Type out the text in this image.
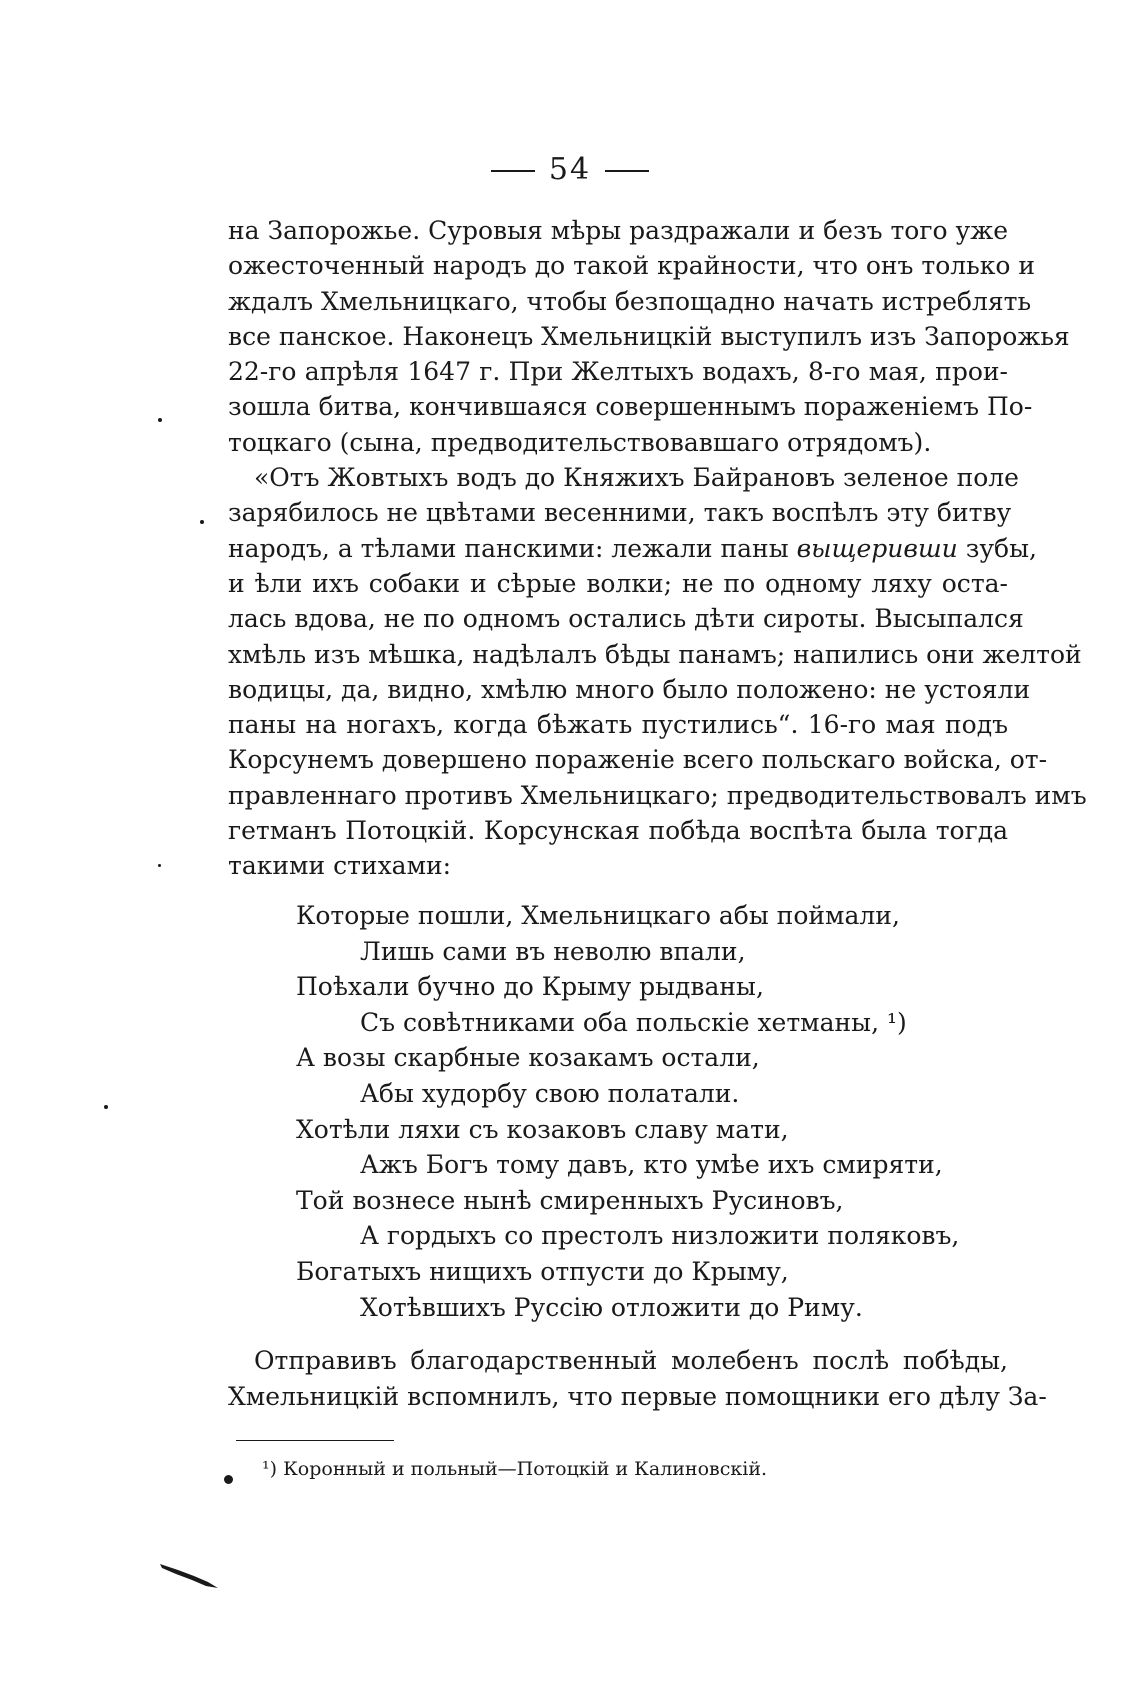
54
на Запорожье. Суровыя мѣры раздражали и безъ того уже
ожесточенный народъ до такой крайности, что онъ только и
ждалъ Хмельницкаго, чтобы безпощадно начать истреблять
все панское. Наконецъ Хмельницкій выступилъ изъ Запорожья
22-го апрѣля 1647 г. При Желтыхъ водахъ, 8-го мая, прои-
зошла битва, кончившаяся совершеннымъ пораженіемъ По-
тоцкаго (сына, предводительствовавшаго отрядомъ).
«Отъ Жовтыхъ водъ до Княжихъ Байрановъ зеленое поле
зарябилось не цвѣтами весенними, такъ воспѣлъ эту битву
народъ, а тѣлами панскими: лежали паны выщеривши зубы,
и ѣли ихъ собаки и сѣрые волки; не по одному ляху оста-
лась вдова, не по одномъ остались дѣти сироты. Высыпался
хмѣль изъ мѣшка, надѣлалъ бѣды панамъ; напились они желтой
водицы, да, видно, хмѣлю много было положено: не устояли
паны на ногахъ, когда бѣжать пустились“. 16-го мая подъ
Корсунемъ довершено пораженіе всего польскаго войска, от-
правленнаго противъ Хмельницкаго; предводительствовалъ имъ
гетманъ Потоцкій. Корсунская побѣда воспѣта была тогда
такими стихами:
Которые пошли, Хмельницкаго абы поймали,
Лишь сами въ неволю впали,
Поѣхали бучно до Крыму рыдваны,
Съ совѣтниками оба польскіе хетманы, ¹)
А возы скарбные козакамъ остали,
Абы худорбу свою полатали.
Хотѣли ляхи съ козаковъ славу мати,
Ажъ Богъ тому давъ, кто умѣе ихъ смиряти,
Той вознесе нынѣ смиренныхъ Русиновъ,
А гордыхъ со престолъ низложити поляковъ,
Богатыхъ нищихъ отпусти до Крыму,
Хотѣвшихъ Руссію отложити до Риму.
Отправивъ благодарственный молебенъ послѣ побѣды,
Хмельницкій вспомнилъ, что первые помощники его дѣлу За-
¹) Коронный и польный—Потоцкій и Калиновскій.
